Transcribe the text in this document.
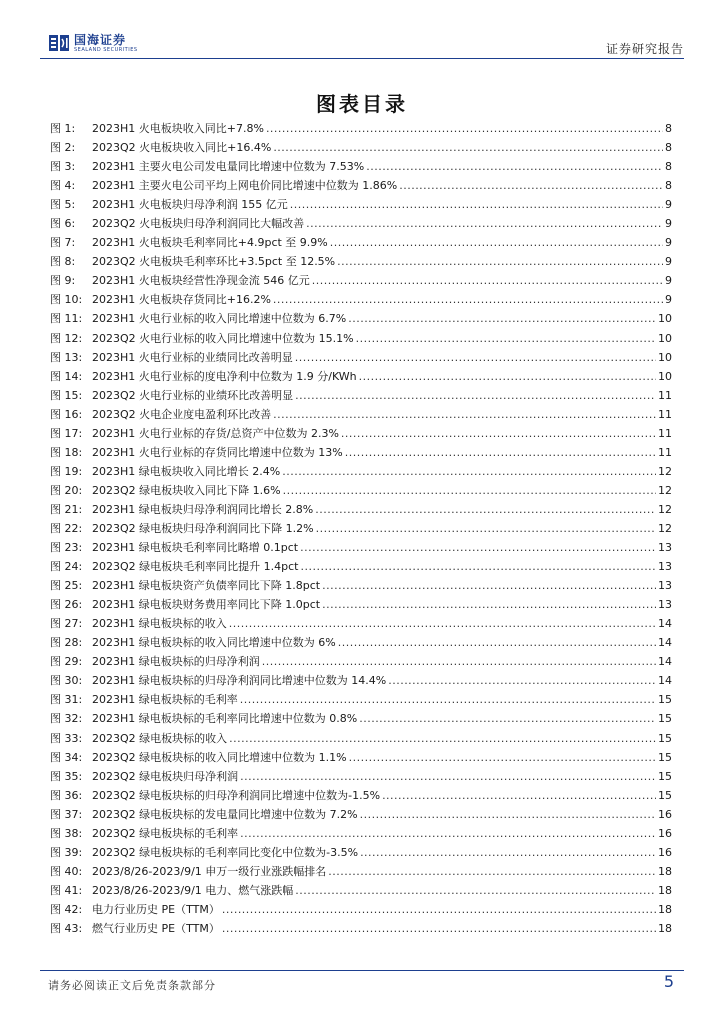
国海证券
SEALAND SECURITIES	证券研究报告
图表目录
图 1:	2023H1 火电板块收入同比+7.8% .....	8
图 2:	2023Q2 火电板块收入同比+16.4% .....	8
图 3:	2023H1 主要火电公司发电量同比增速中位数为 7.53% .....	8
图 4:	2023H1 主要火电公司平均上网电价同比增速中位数为 1.86% .....	8
图 5:	2023H1 火电板块归母净利润 155 亿元 .....	9
图 6:	2023Q2 火电板块归母净利润同比大幅改善 .....	9
图 7:	2023H1 火电板块毛利率同比+4.9pct 至 9.9% .....	9
图 8:	2023Q2 火电板块毛利率环比+3.5pct 至 12.5% .....	9
图 9:	2023H1 火电板块经营性净现金流 546 亿元 .....	9
图 10: 2023H1 火电板块存货同比+16.2% .....	9
图 11: 2023H1 火电行业标的收入同比增速中位数为 6.7% .....	10
图 12: 2023Q2 火电行业标的收入同比增速中位数为 15.1% .....	10
图 13: 2023H1 火电行业标的业绩同比改善明显 .....	10
图 14: 2023H1 火电行业标的度电净利中位数为 1.9 分/KWh .....	10
图 15: 2023Q2 火电行业标的业绩环比改善明显 .....	11
图 16: 2023Q2 火电企业度电盈利环比改善 .....	11
图 17: 2023H1 火电行业标的存货/总资产中位数为 2.3% .....	11
图 18: 2023H1 火电行业标的存货同比增速中位数为 13% .....	11
图 19: 2023H1 绿电板块收入同比增长 2.4% .....	12
图 20: 2023Q2 绿电板块收入同比下降 1.6% .....	12
图 21: 2023H1 绿电板块归母净利润同比增长 2.8% .....	12
图 22: 2023Q2 绿电板块归母净利润同比下降 1.2% .....	12
图 23: 2023H1 绿电板块毛利率同比略增 0.1pct .....	13
图 24: 2023Q2 绿电板块毛利率同比提升 1.4pct .....	13
图 25: 2023H1 绿电板块资产负债率同比下降 1.8pct .....	13
图 26: 2023H1 绿电板块财务费用率同比下降 1.0pct .....	13
图 27: 2023H1 绿电板块标的收入 .....	14
图 28: 2023H1 绿电板块标的收入同比增速中位数为 6% .....	14
图 29: 2023H1 绿电板块标的归母净利润 .....	14
图 30: 2023H1 绿电板块标的归母净利润同比增速中位数为 14.4% .....	14
图 31: 2023H1 绿电板块标的毛利率 .....	15
图 32: 2023H1 绿电板块标的毛利率同比增速中位数为 0.8% .....	15
图 33: 2023Q2 绿电板块标的收入 .....	15
图 34: 2023Q2 绿电板块标的收入同比增速中位数为 1.1% .....	15
图 35: 2023Q2 绿电板块归母净利润 .....	15
图 36: 2023Q2 绿电板块标的归母净利润同比增速中位数为-1.5% .....	15
图 37: 2023Q2 绿电板块标的发电量同比增速中位数为 7.2% .....	16
图 38: 2023Q2 绿电板块标的毛利率 .....	16
图 39: 2023Q2 绿电板块标的毛利率同比变化中位数为-3.5% .....	16
图 40: 2023/8/26-2023/9/1 申万一级行业涨跌幅排名 .....	18
图 41: 2023/8/26-2023/9/1 电力、燃气涨跌幅 .....	18
图 42: 电力行业历史 PE（TTM） .....	18
图 43: 燃气行业历史 PE（TTM） .....	18
请务必阅读正文后免责条款部分	5
